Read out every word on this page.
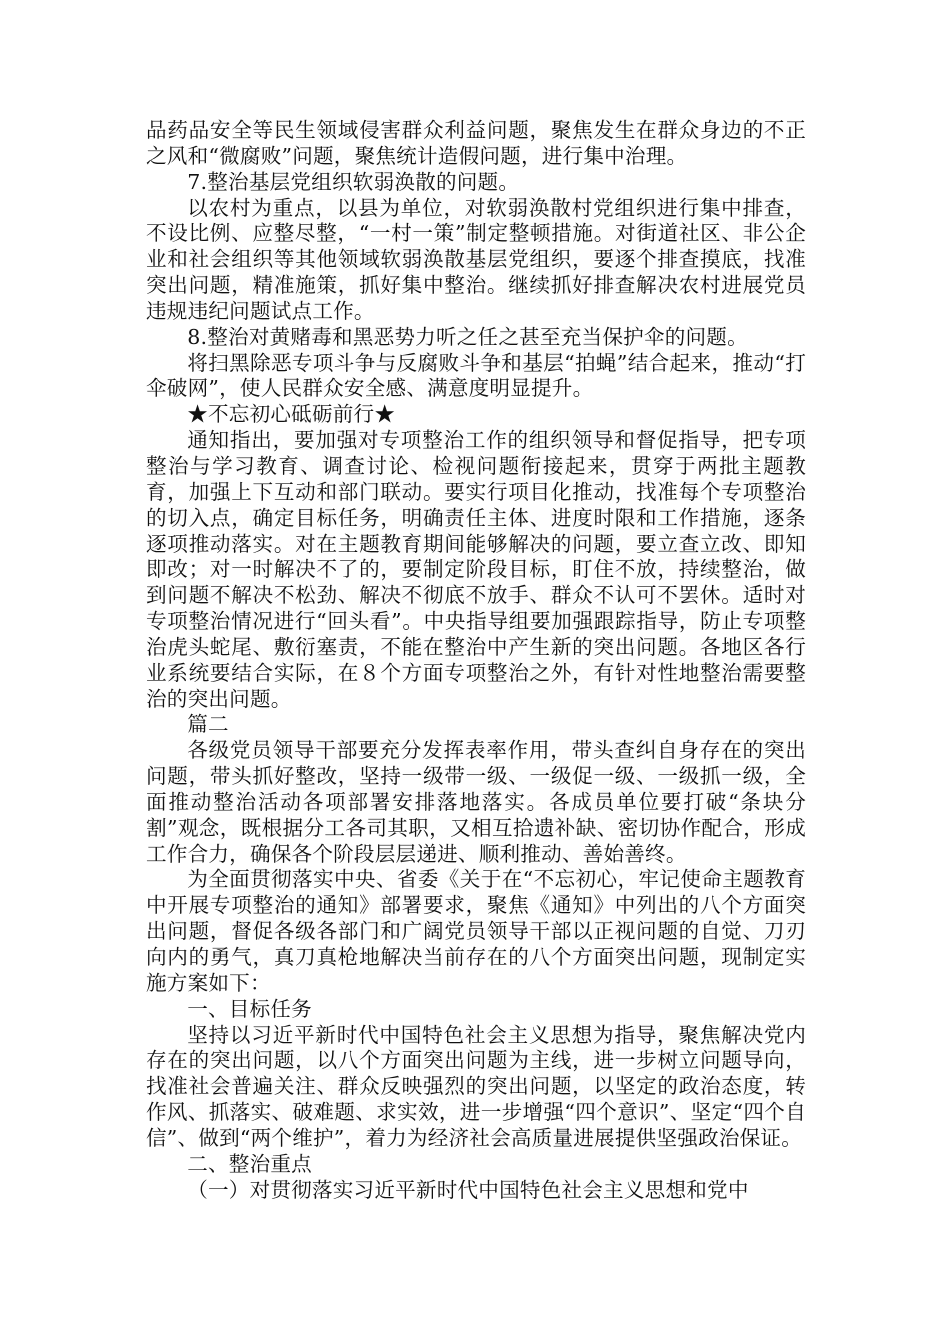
品药品安全等民生领域侵害群众利益问题，聚焦发生在群众身边的不正之风和“微腐败”问题，聚焦统计造假问题，进行集中治理。

7.整治基层党组织软弱涣散的问题。

以农村为重点，以县为单位，对软弱涣散村党组织进行集中排查，不设比例、应整尽整，“一村一策”制定整顿措施。对街道社区、非公企业和社会组织等其他领域软弱涣散基层党组织，要逐个排查摸底，找准突出问题，精准施策，抓好集中整治。继续抓好排查解决农村进展党员违规违纪问题试点工作。

8.整治对黄赌毒和黑恶势力听之任之甚至充当保护伞的问题。

将扫黑除恶专项斗争与反腐败斗争和基层“拍蝇”结合起来，推动“打伞破网”，使人民群众安全感、满意度明显提升。

★不忘初心砥砺前行★

通知指出，要加强对专项整治工作的组织领导和督促指导，把专项整治与学习教育、调查讨论、检视问题衔接起来，贯穿于两批主题教育，加强上下互动和部门联动。要实行项目化推动，找准每个专项整治的切入点，确定目标任务，明确责任主体、进度时限和工作措施，逐条逐项推动落实。对在主题教育期间能够解决的问题，要立查立改、即知即改；对一时解决不了的，要制定阶段目标，盯住不放，持续整治，做到问题不解决不松劲、解决不彻底不放手、群众不认可不罢休。适时对专项整治情况进行“回头看”。中央指导组要加强跟踪指导，防止专项整治虎头蛇尾、敷衍塞责，不能在整治中产生新的突出问题。各地区各行业系统要结合实际，在８个方面专项整治之外，有针对性地整治需要整治的突出问题。

篇二

各级党员领导干部要充分发挥表率作用，带头查纠自身存在的突出问题，带头抓好整改，坚持一级带一级、一级促一级、一级抓一级，全面推动整治活动各项部署安排落地落实。各成员单位要打破“条块分割”观念，既根据分工各司其职，又相互拾遗补缺、密切协作配合，形成工作合力，确保各个阶段层层递进、顺利推动、善始善终。

为全面贯彻落实中央、省委《关于在“不忘初心，牢记使命主题教育中开展专项整治的通知》部署要求，聚焦《通知》中列出的八个方面突出问题，督促各级各部门和广阔党员领导干部以正视问题的自觉、刀刃向内的勇气，真刀真枪地解决当前存在的八个方面突出问题，现制定实施方案如下：

一、目标任务

坚持以习近平新时代中国特色社会主义思想为指导，聚焦解决党内存在的突出问题，以八个方面突出问题为主线，进一步树立问题导向，找准社会普遍关注、群众反映强烈的突出问题，以坚定的政治态度，转作风、抓落实、破难题、求实效，进一步增强“四个意识”、坚定“四个自信”、做到“两个维护”，着力为经济社会高质量进展提供坚强政治保证。

二、整治重点

（一）对贯彻落实习近平新时代中国特色社会主义思想和党中
